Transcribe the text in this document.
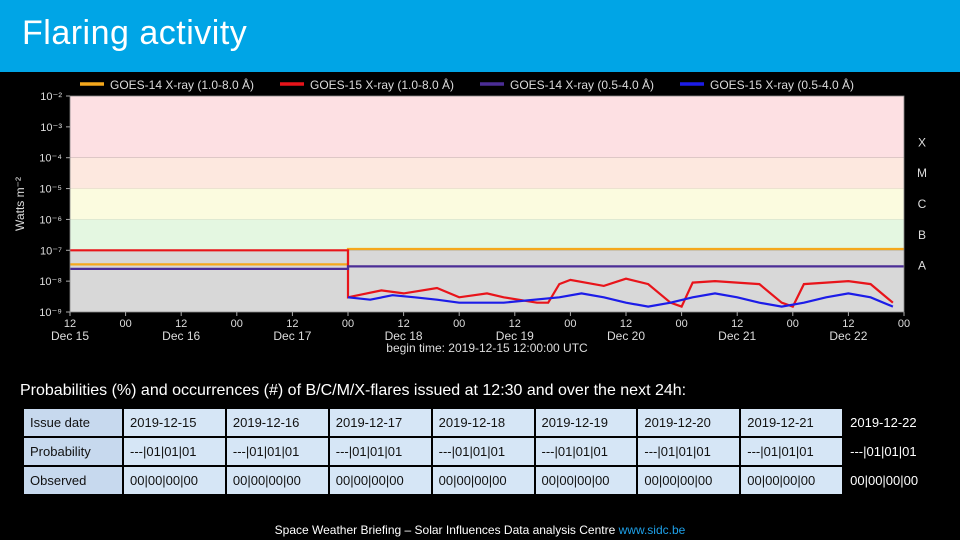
Flaring activity
10⁻²
10⁻³
10⁻⁴
10⁻⁵
10⁻⁶
10⁻⁷
10⁻⁸
10⁻⁹
Watts m⁻²
X
M
C
B
A
12
Dec 15
00	12
Dec 16
00	12
Dec 17
00	12
Dec 18
00	12
Dec 19
00	12
Dec 20
00	12
Dec 21
00	12
Dec 22
00
begin time: 2019-12-15 12:00:00 UTC
GOES-14 X-ray (1.0-8.0 Å)	GOES-15 X-ray (1.0-8.0 Å)	GOES-14 X-ray (0.5-4.0 Å)	GOES-15 X-ray (0.5-4.0 Å)
Probabilities (%) and occurrences (#) of B/C/M/X-flares issued at 12:30 and over the next 24h:
Issue date	2019-12-15	2019-12-16	2019-12-17	2019-12-18	2019-12-19	2019-12-20	2019-12-21	2019-12-22
Probability	---|01|01|01	---|01|01|01	---|01|01|01	---|01|01|01	---|01|01|01	---|01|01|01	---|01|01|01	---|01|01|01
Observed	00|00|00|00	00|00|00|00	00|00|00|00	00|00|00|00	00|00|00|00	00|00|00|00	00|00|00|00	00|00|00|00
Space Weather Briefing – Solar Influences Data analysis Centre www.sidc.be
